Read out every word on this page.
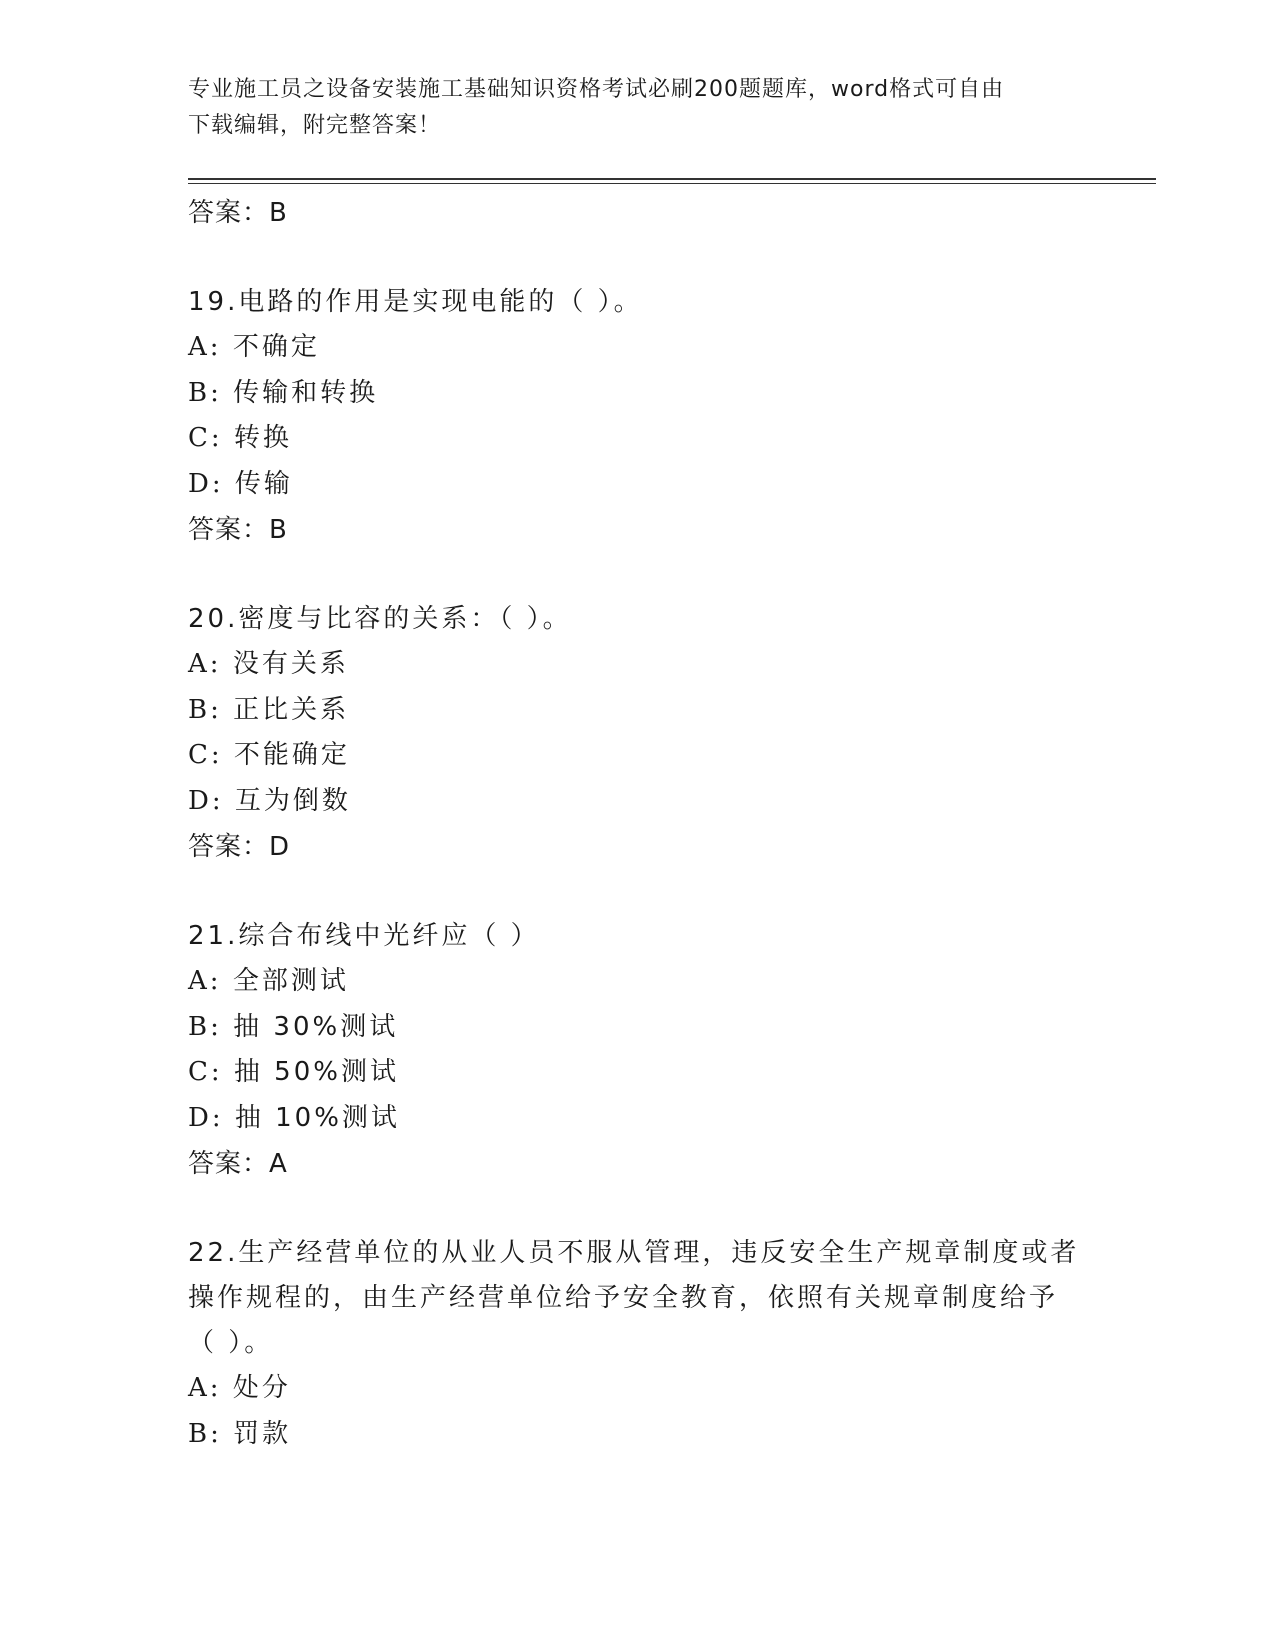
专业施工员之设备安装施工基础知识资格考试必刷200题题库，word格式可自由
下载编辑，附完整答案！

答案：B

19.电路的作用是实现电能的（ ）。

A: 不确定

B: 传输和转换

C: 转换

D: 传输

答案：B

20.密度与比容的关系：（ ）。

A: 没有关系

B: 正比关系

C: 不能确定

D: 互为倒数

答案：D

21.综合布线中光纤应（ ）

A: 全部测试

B: 抽 30%测试

C: 抽 50%测试

D: 抽 10%测试

答案：A

22.生产经营单位的从业人员不服从管理，违反安全生产规章制度或者

操作规程的，由生产经营单位给予安全教育，依照有关规章制度给予

（ ）。

A: 处分

B: 罚款
